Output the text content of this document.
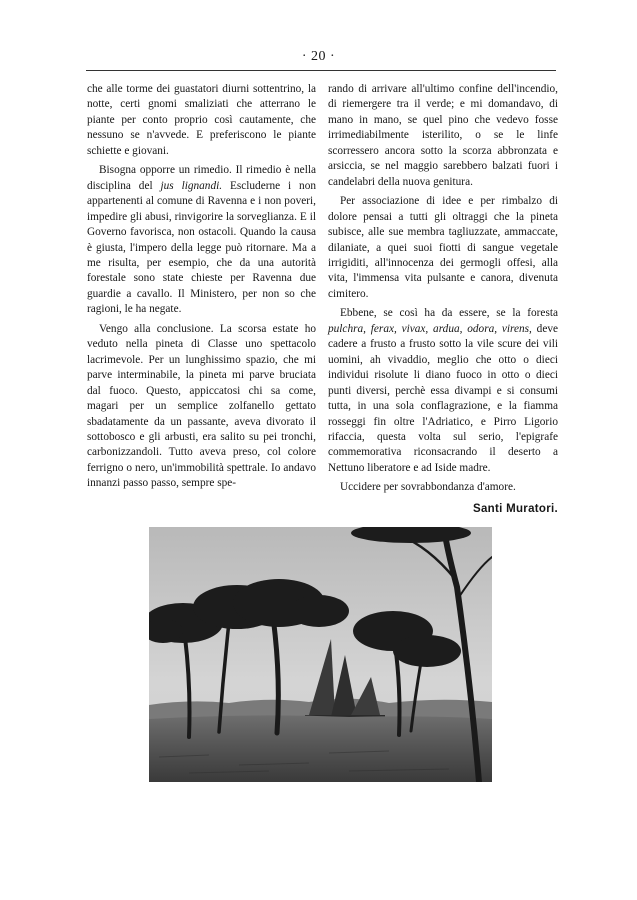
· 20 ·

che alle torme dei guastatori diurni sottentrino, la notte, certi gnomi smaliziati che atterrano le piante per conto proprio così cautamente, che nessuno se n'avvede. E preferiscono le piante schiette e giovani.

Bisogna opporre un rimedio. Il rimedio è nella disciplina del jus lignandi. Escluderne i non appartenenti al comune di Ravenna e i non poveri, impedire gli abusi, rinvigorire la sorveglianza. E il Governo favorisca, non ostacoli. Quando la causa è giusta, l'impero della legge può ritornare. Ma a me risulta, per esempio, che da una autorità forestale sono state chieste per Ravenna due guardie a cavallo. Il Ministero, per non so che ragioni, le ha negate.

Vengo alla conclusione. La scorsa estate ho veduto nella pineta di Classe uno spettacolo lacrimevole. Per un lunghissimo spazio, che mi parve interminabile, la pineta mi parve bruciata dal fuoco. Questo, appiccatosi chi sa come, magari per un semplice zolfanello gettato sbadatamente da un passante, aveva divorato il sottobosco e gli arbusti, era salito su pei tronchi, carbonizzandoli. Tutto aveva preso, col colore ferrigno o nero, un'immobilità spettrale. Io andavo innanzi passo passo, sempre spe-

rando di arrivare all'ultimo confine dell'incendio, di riemergere tra il verde; e mi domandavo, di mano in mano, se quel pino che vedevo fosse irrimediabilmente isterilito, o se le linfe scorressero ancora sotto la scorza abbronzata e arsiccia, se nel maggio sarebbero balzati fuori i candelabri della nuova genitura.

Per associazione di idee e per rimbalzo di dolore pensai a tutti gli oltraggi che la pineta subisce, alle sue membra tagliuzzate, ammaccate, dilaniate, a quei suoi fiotti di sangue vegetale irrigiditi, all'innocenza dei germogli offesi, alla vita, l'immensa vita pulsante e canora, divenuta cimitero.

Ebbene, se così ha da essere, se la foresta pulchra, ferax, vivax, ardua, odora, virens, deve cadere a frusto a frusto sotto la vile scure dei vili uomini, ah vivaddio, meglio che otto o dieci individui risolute li diano fuoco in otto o dieci punti diversi, perchè essa divampi e si consumi tutta, in una sola conflagrazione, e la fiamma rosseggi fin oltre l'Adriatico, e Pirro Ligorio rifaccia, questa volta sul serio, l'epigrafe commemorativa riconsacrando il deserto a Nettuno liberatore e ad Iside madre.

Uccidere per sovrabbondanza d'amore.

Santi Muratori.
